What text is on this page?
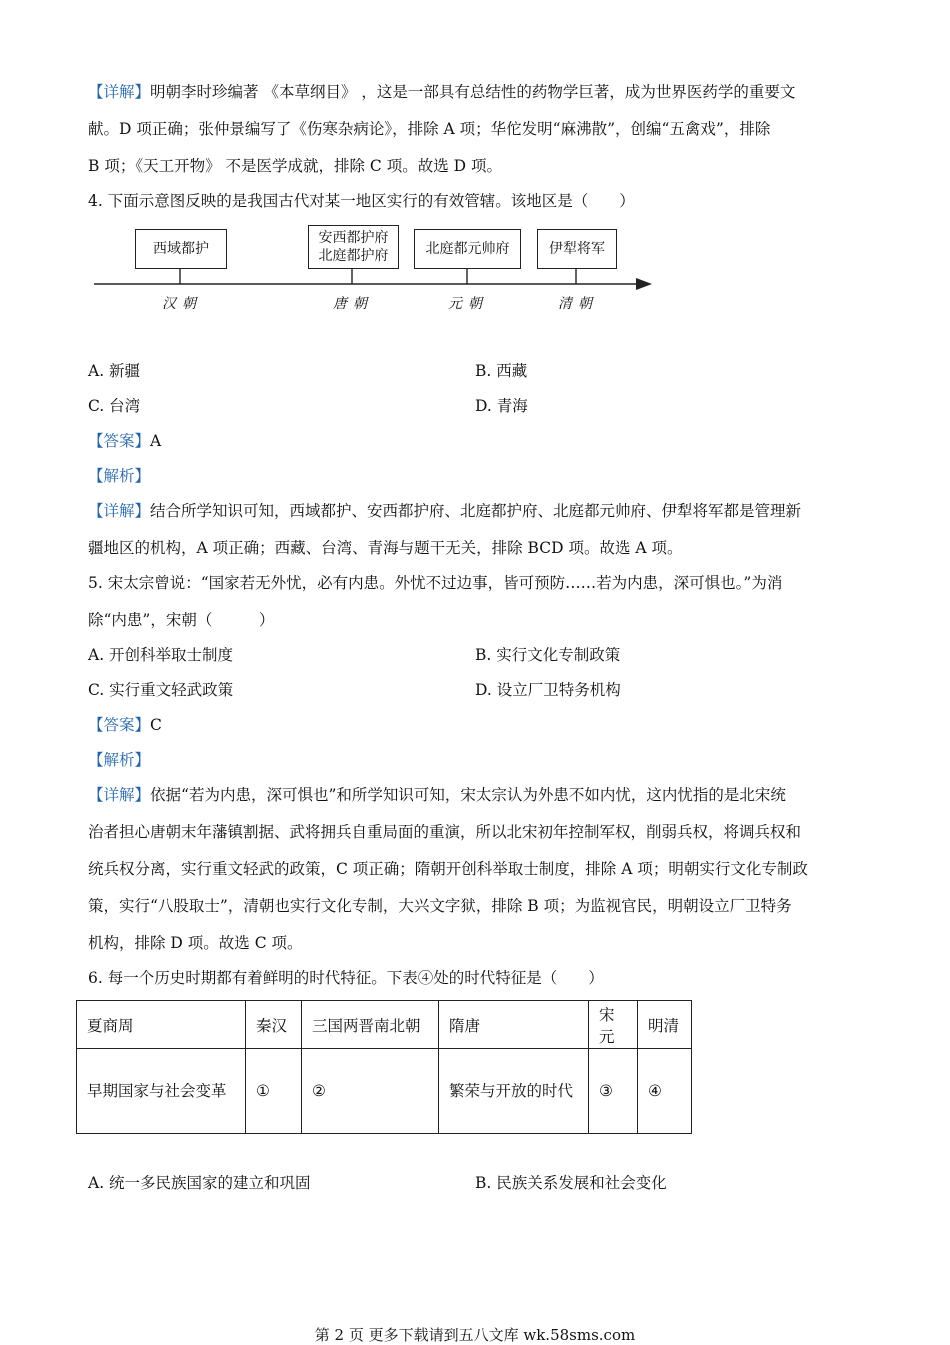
【详解】明朝李时珍编著 《本草纲目》 ，这是一部具有总结性的药物学巨著，成为世界医药学的重要文
献。D 项正确；张仲景编写了《伤寒杂病论》，排除 A 项；华佗发明“麻沸散”，创编“五禽戏”，排除
B 项；《天工开物》 不是医学成就，排除 C 项。故选 D 项。
4. 下面示意图反映的是我国古代对某一地区实行的有效管辖。该地区是（　　）
西域都护
安西都护府
北庭都护府	北庭都元帅府	伊犁将军
汉朝	唐朝	元朝	清朝
A. 新疆	B. 西藏
C. 台湾	D. 青海
【答案】A
【解析】
【详解】结合所学知识可知，西域都护、安西都护府、北庭都护府、北庭都元帅府、伊犁将军都是管理新
疆地区的机构，A 项正确；西藏、台湾、青海与题干无关，排除 BCD 项。故选 A 项。
5. 宋太宗曾说：“国家若无外忧，必有内患。外忧不过边事，皆可预防……若为内患，深可惧也。”为消
除“内患”，宋朝（　　　）
A. 开创科举取士制度	B. 实行文化专制政策
C. 实行重文轻武政策	D. 设立厂卫特务机构
【答案】C
【解析】
【详解】依据“若为内患，深可惧也”和所学知识可知，宋太宗认为外患不如内忧，这内忧指的是北宋统
治者担心唐朝末年藩镇割据、武将拥兵自重局面的重演，所以北宋初年控制军权，削弱兵权，将调兵权和
统兵权分离，实行重文轻武的政策，C 项正确；隋朝开创科举取士制度，排除 A 项；明朝实行文化专制政
策，实行“八股取士”，清朝也实行文化专制，大兴文字狱，排除 B 项；为监视官民，明朝设立厂卫特务
机构，排除 D 项。故选 C 项。
6. 每一个历史时期都有着鲜明的时代特征。下表④处的时代特征是（　　）
夏商周	秦汉	三国两晋南北朝	隋唐	宋元	明清
早期国家与社会变革	①	②	繁荣与开放的时代	③	④
A. 统一多民族国家的建立和巩固	B. 民族关系发展和社会变化
第 2 页 更多下载请到五八文库 wk.58sms.com
